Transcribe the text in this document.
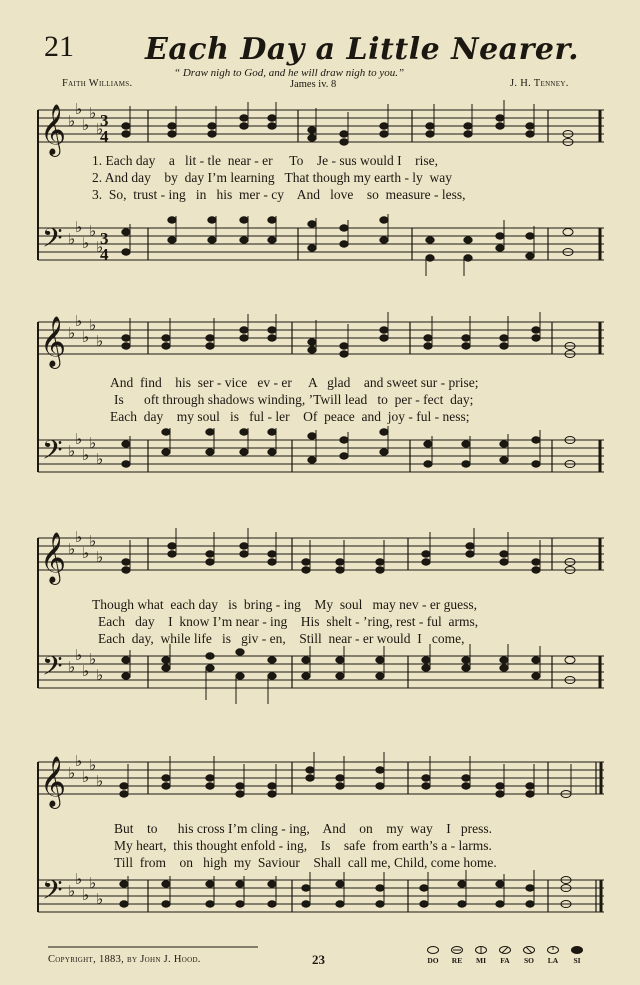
21 Each Day a Little Nearer.
“ Draw nigh to God, and he will draw nigh to you.”
Faith Williams.	James iv. 8	J. H. Tenney.
𝄞
𝄢
♭
♭
♭
♭
♭
♭
♭
♭
♭
♭
3
4
3
4
1. Each day    a   lit - tle  near - er     To    Je - sus would I    rise,
2. And day    by  day I’m learning   That though my earth - ly  way
3.  So,  trust - ing   in   his  mer - cy    And   love    so  measure - less,
𝄞
𝄢
♭
♭
♭
♭
♭
♭
♭
♭
♭
♭
And  find    his  ser - vice   ev - er     A   glad    and sweet sur - prise;
Is      oft through shadows winding, ’Twill lead   to  per - fect  day;
Each  day    my soul   is   ful - ler    Of  peace  and  joy - ful - ness;
𝄞
𝄢
♭
♭
♭
♭
♭
♭
♭
♭
♭
♭
Though what  each day   is  bring - ing    My  soul   may nev - er guess,
Each   day    I  know I’m near - ing    His  shelt - ’ring, rest - ful  arms,
Each  day,  while life   is   giv - en,    Still  near - er would  I   come,
𝄞
𝄢
♭
♭
♭
♭
♭
♭
♭
♭
♭
♭
But    to      his cross I’m cling - ing,    And    on    my  way    I   press.
My heart,  this thought enfold - ing,    Is    safe  from earth’s a - larms.
Till  from    on   high  my  Saviour    Shall  call me, Child, come home.
Copyright, 1883, by John J. Hood.	23	DO	RE	MI	FA	SO	LA	SI
